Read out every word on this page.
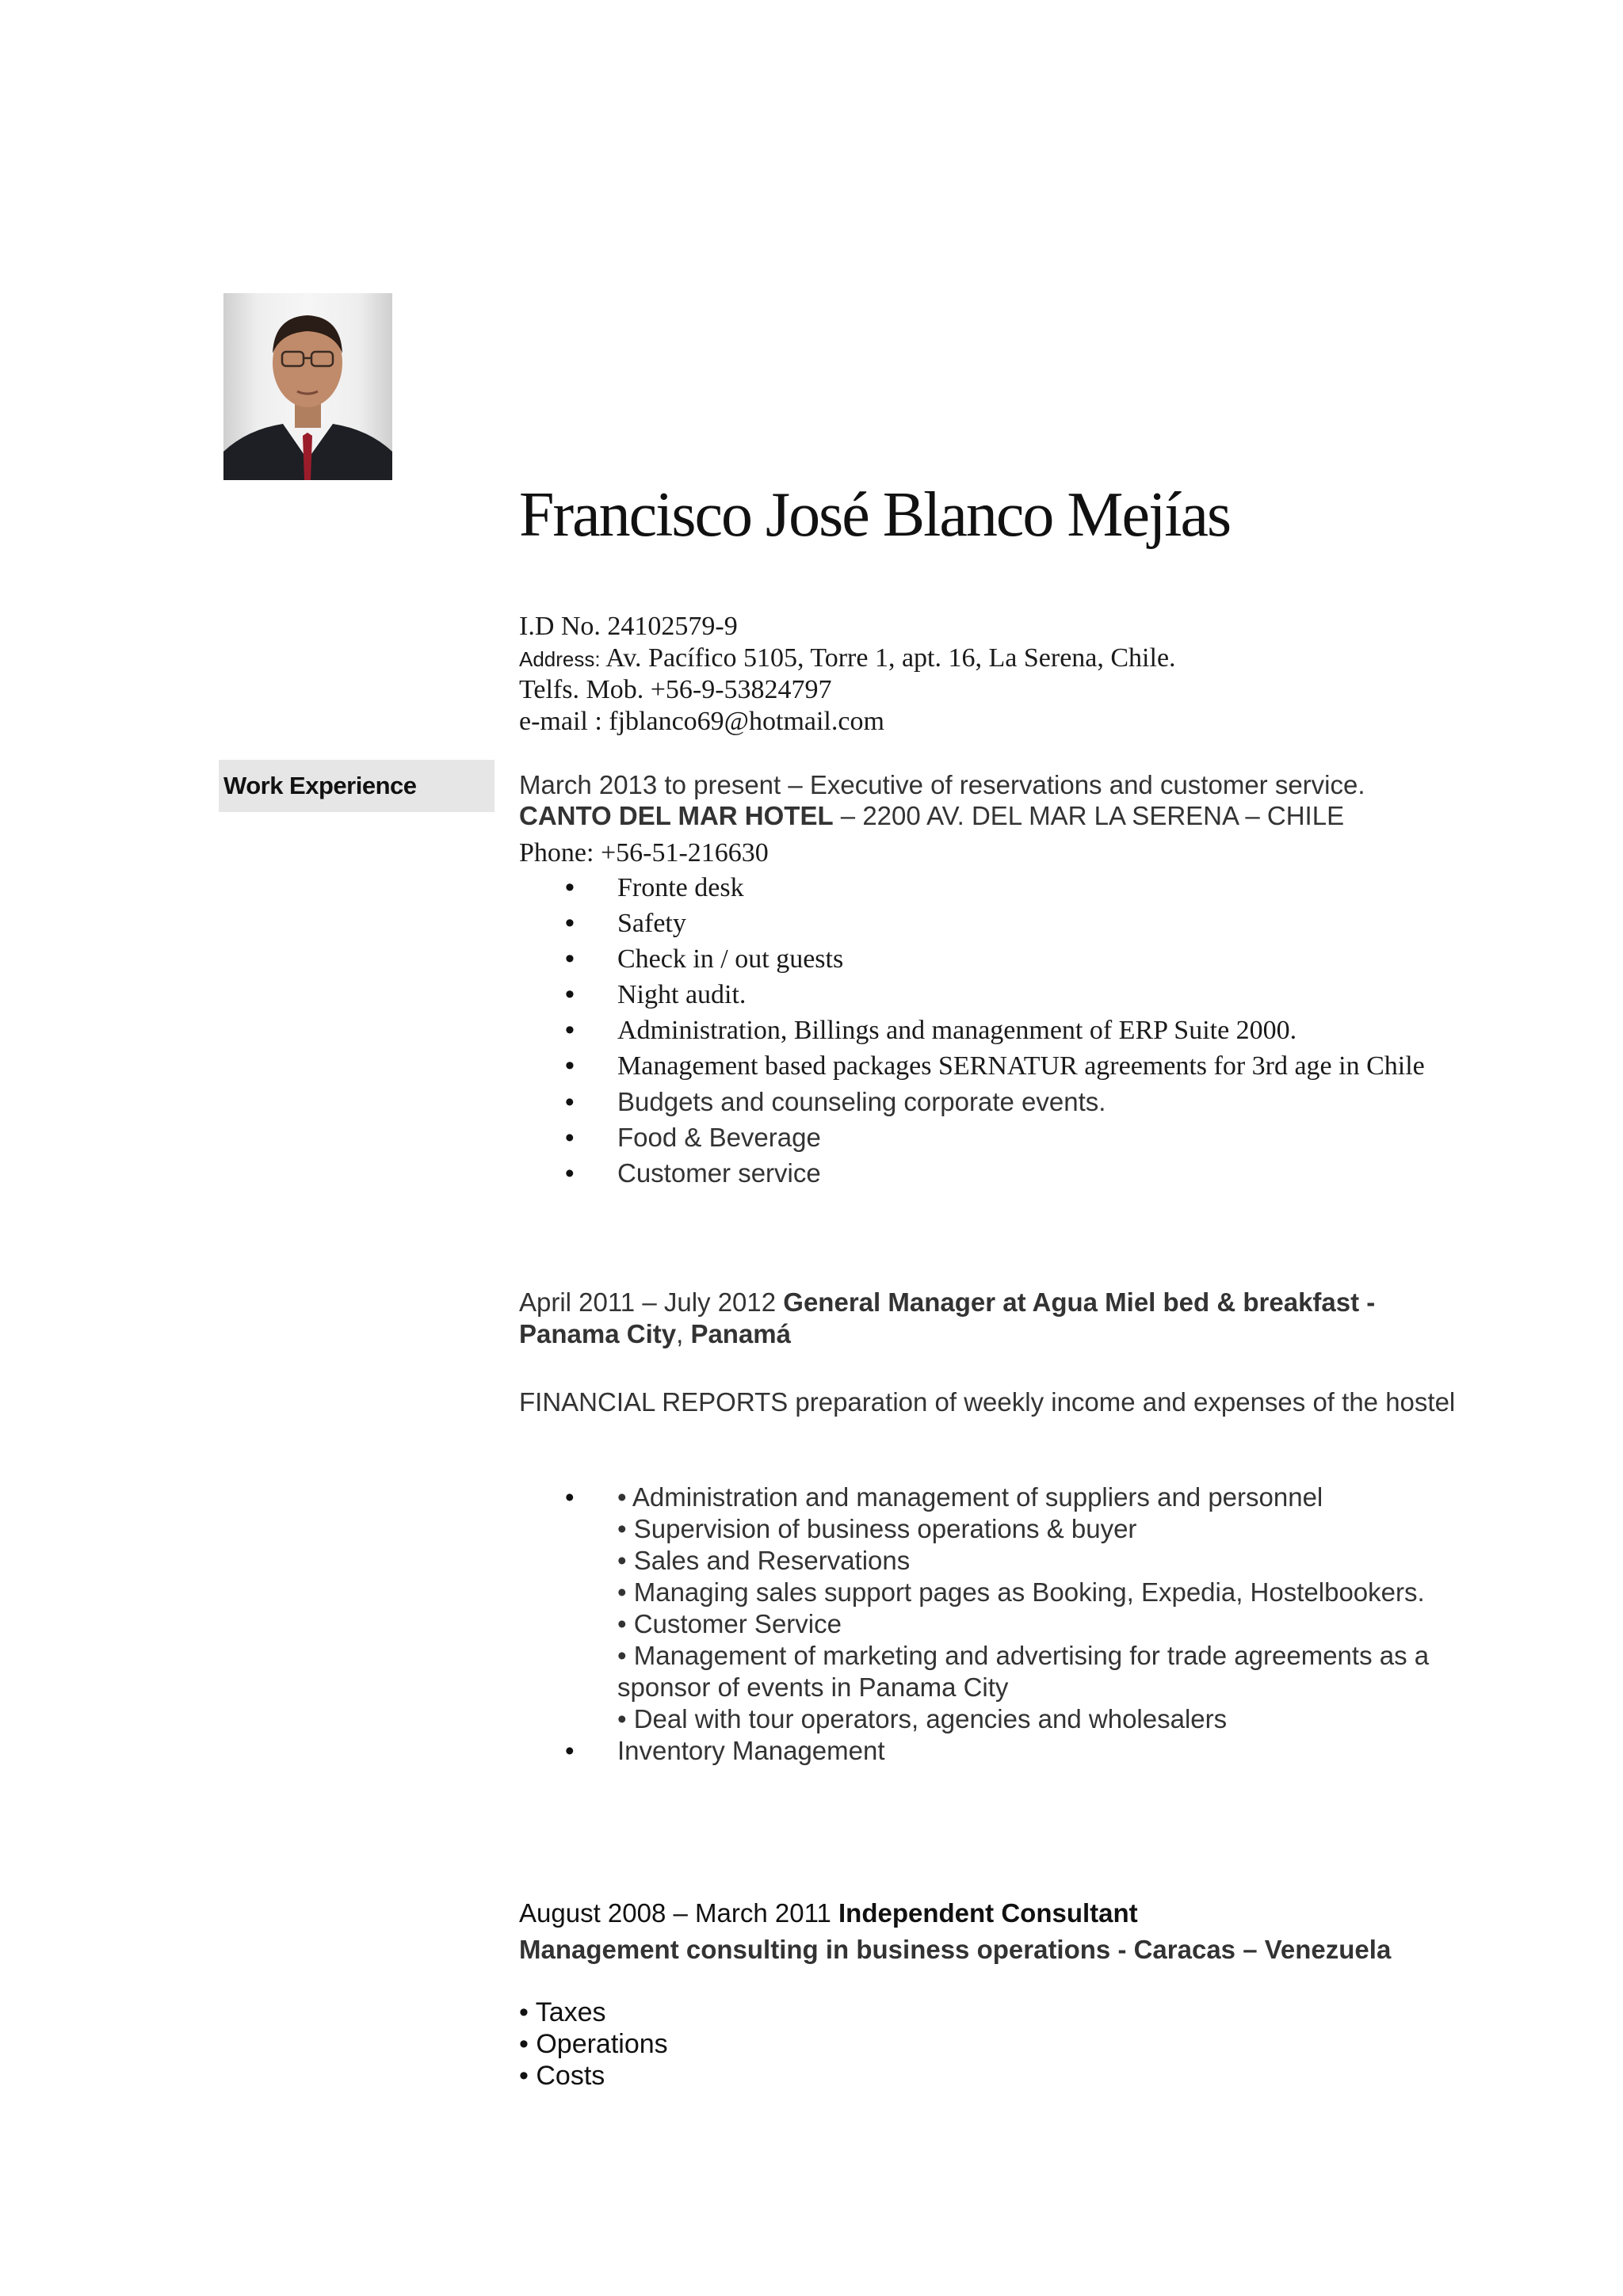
Francisco José Blanco Mejías
I.D No. 24102579-9
Address: Av. Pacífico 5105, Torre 1, apt. 16, La Serena, Chile.
Telfs. Mob. +56-9-53824797
e-mail : fjblanco69@hotmail.com
Work Experience	March 2013 to present – Executive of reservations and customer service.
CANTO DEL MAR HOTEL – 2200 AV. DEL MAR LA SERENA – CHILE
Phone: +56-51-216630
• Fronte desk
• Safety
• Check in / out guests
• Night audit.
• Administration, Billings and managenment of ERP Suite 2000.
• Management based packages SERNATUR agreements for 3rd age in Chile
• Budgets and counseling corporate events.
• Food & Beverage
• Customer service
April 2011 – July 2012 General Manager at Agua Miel bed & breakfast - Panama City, Panamá
FINANCIAL REPORTS preparation of weekly income and expenses of the hostel
• • Administration and management of suppliers and personnel
• Supervision of business operations & buyer
• Sales and Reservations
• Managing sales support pages as Booking, Expedia, Hostelbookers.
• Customer Service
• Management of marketing and advertising for trade agreements as a sponsor of events in Panama City
• Deal with tour operators, agencies and wholesalers
• Inventory Management
August 2008 – March 2011 Independent Consultant
Management consulting in business operations - Caracas – Venezuela
• Taxes
• Operations
• Costs
